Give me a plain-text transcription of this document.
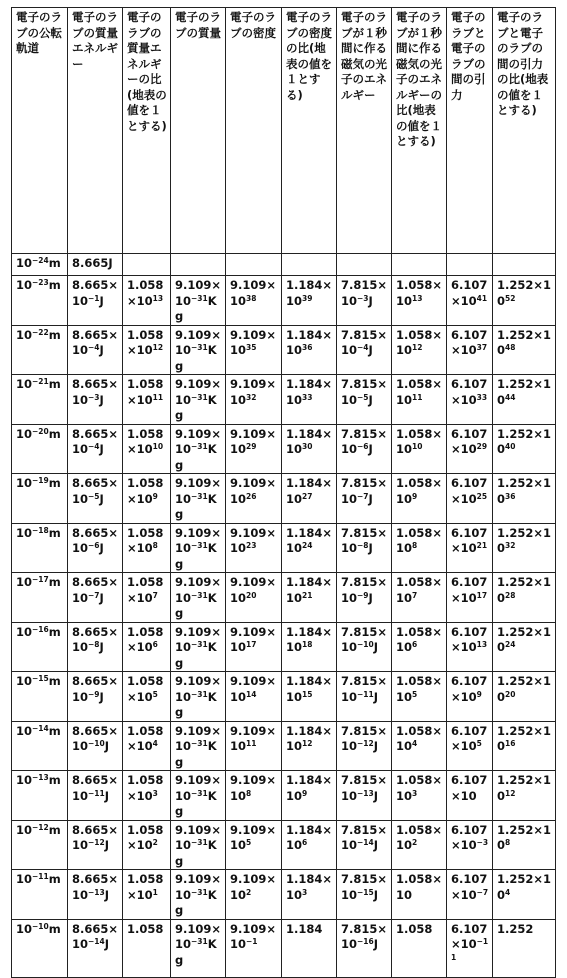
電子のラブの公転軌道	電子のラブの質量エネルギー	電子のラブの質量エネルギーの比(地表の値を１とする)	電子のラブの質量	電子のラブの密度	電子のラブの密度の比(地表の値を１とする)	電子のラブが１秒間に作る磁気の光子のエネルギー	電子のラブが１秒間に作る磁気の光子のエネルギーの比(地表の値を１とする)	電子のラブと電子のラブの間の引力	電子のラブと電子のラブの間の引力の比(地表の値を１とする)

$10^{-24}m$	8.665J								

$10^{-23}m$	$8.665\times 10^{-1}J$	$1.058\times 10^{13}$	$9.109\times 10^{-31}Kg$	$9.109\times 10^{38}$	$1.184\times 10^{39}$	$7.815\times 10^{-3}J$	$1.058\times 10^{13}$	$6.107\times 10^{41}$	$1.252\times 10^{52}$

$10^{-22}m$	$8.665\times 10^{-4}J$	$1.058\times 10^{12}$	$9.109\times 10^{-31}Kg$	$9.109\times 10^{35}$	$1.184\times 10^{36}$	$7.815\times 10^{-4}J$	$1.058\times 10^{12}$	$6.107\times 10^{37}$	$1.252\times 10^{48}$

$10^{-21}m$	$8.665\times 10^{-3}J$	$1.058\times 10^{11}$	$9.109\times 10^{-31}Kg$	$9.109\times 10^{32}$	$1.184\times 10^{33}$	$7.815\times 10^{-5}J$	$1.058\times 10^{11}$	$6.107\times 10^{33}$	$1.252\times 10^{44}$

$10^{-20}m$	$8.665\times 10^{-4}J$	$1.058\times 10^{10}$	$9.109\times 10^{-31}Kg$	$9.109\times 10^{29}$	$1.184\times 10^{30}$	$7.815\times 10^{-6}J$	$1.058\times 10^{10}$	$6.107\times 10^{29}$	$1.252\times 10^{40}$

$10^{-19}m$	$8.665\times 10^{-5}J$	$1.058\times 10^9$	$9.109\times 10^{-31}Kg$	$9.109\times 10^{26}$	$1.184\times 10^{27}$	$7.815\times 10^{-7}J$	$1.058\times 10^9$	$6.107\times 10^{25}$	$1.252\times 10^{36}$

$10^{-18}m$	$8.665\times 10^{-6}J$	$1.058\times 10^8$	$9.109\times 10^{-31}Kg$	$9.109\times 10^{23}$	$1.184\times 10^{24}$	$7.815\times 10^{-8}J$	$1.058\times 10^8$	$6.107\times 10^{21}$	$1.252\times 10^{32}$

$10^{-17}m$	$8.665\times 10^{-7}J$	$1.058\times 10^7$	$9.109\times 10^{-31}Kg$	$9.109\times 10^{20}$	$1.184\times 10^{21}$	$7.815\times 10^{-9}J$	$1.058\times 10^7$	$6.107\times 10^{17}$	$1.252\times 10^{28}$

$10^{-16}m$	$8.665\times 10^{-8}J$	$1.058\times 10^6$	$9.109\times 10^{-31}Kg$	$9.109\times 10^{17}$	$1.184\times 10^{18}$	$7.815\times 10^{-10}J$	$1.058\times 10^6$	$6.107\times 10^{13}$	$1.252\times 10^{24}$

$10^{-15}m$	$8.665\times 10^{-9}J$	$1.058\times 10^5$	$9.109\times 10^{-31}Kg$	$9.109\times 10^{14}$	$1.184\times 10^{15}$	$7.815\times 10^{-11}J$	$1.058\times 10^5$	$6.107\times 10^9$	$1.252\times 10^{20}$

$10^{-14}m$	$8.665\times 10^{-10}J$	$1.058\times 10^4$	$9.109\times 10^{-31}Kg$	$9.109\times 10^{11}$	$1.184\times 10^{12}$	$7.815\times 10^{-12}J$	$1.058\times 10^4$	$6.107\times 10^5$	$1.252\times 10^{16}$

$10^{-13}m$	$8.665\times 10^{-11}J$	$1.058\times 10^3$	$9.109\times 10^{-31}Kg$	$9.109\times 10^8$	$1.184\times 10^9$	$7.815\times 10^{-13}J$	$1.058\times 10^3$	6.107×10	$1.252\times 10^{12}$

$10^{-12}m$	$8.665\times 10^{-12}J$	$1.058\times 10^2$	$9.109\times 10^{-31}Kg$	$9.109\times 10^5$	$1.184\times 10^6$	$7.815\times 10^{-14}J$	$1.058\times 10^2$	$6.107\times 10^{-3}$	$1.252\times 10^8$

$10^{-11}m$	$8.665\times 10^{-13}J$	$1.058\times 10^1$	$9.109\times 10^{-31}Kg$	$9.109\times 10^2$	$1.184\times 10^3$	$7.815\times 10^{-15}J$	1.058×10	$6.107\times 10^{-7}$	$1.252\times 10^4$

$10^{-10}m$	$8.665\times 10^{-14}J$	1.058	$9.109\times 10^{-31}Kg$	$9.109\times 10^{-1}$	1.184	$7.815\times 10^{-16}J$	1.058	$6.107\times 10^{-11}$	1.252
